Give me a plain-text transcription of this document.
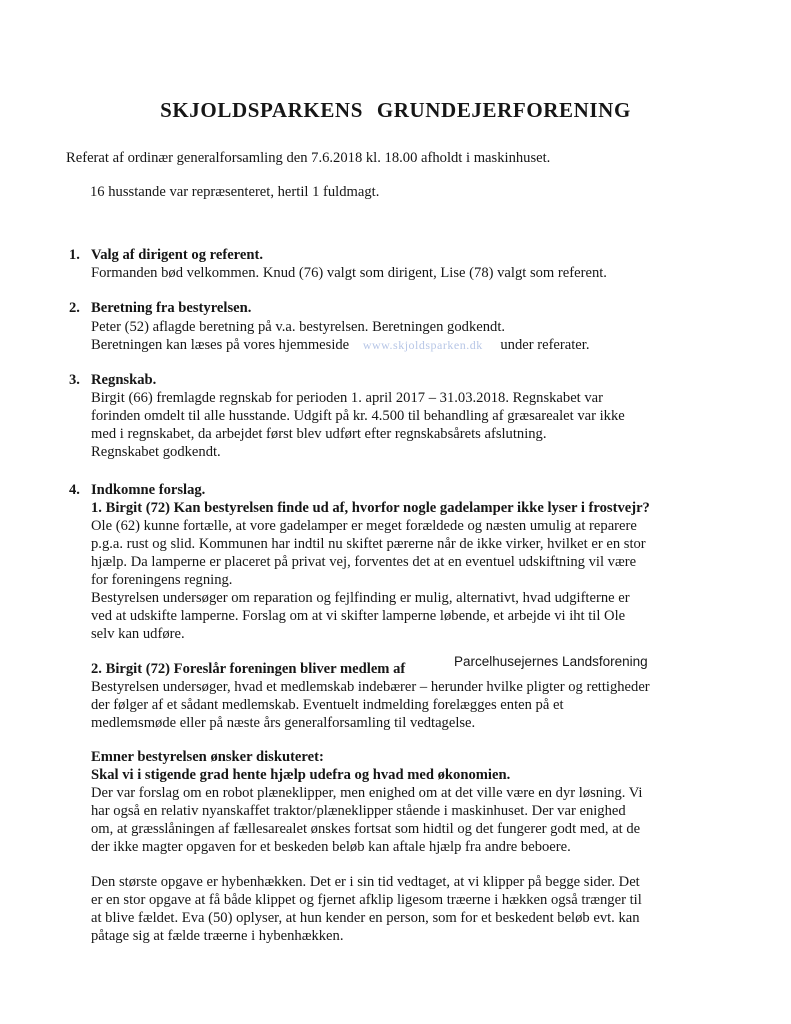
SKJOLDSPARKENS GRUNDEJERFORENING
Referat af ordinær generalforsamling den 7.6.2018 kl. 18.00 afholdt i maskinhuset.
16 husstande var repræsenteret, hertil 1 fuldmagt.
1. Valg af dirigent og referent.
Formanden bød velkommen. Knud (76) valgt som dirigent, Lise (78) valgt som referent.
2. Beretning fra bestyrelsen.
Peter (52) aflagde beretning på v.a. bestyrelsen. Beretningen godkendt.
Beretningen kan læses på vores hjemmeside www.skjoldsparken.dk under referater.
3. Regnskab.
Birgit (66) fremlagde regnskab for perioden 1. april 2017 – 31.03.2018. Regnskabet var
forinden omdelt til alle husstande. Udgift på kr. 4.500 til behandling af græsarealet var ikke
med i regnskabet, da arbejdet først blev udført efter regnskabsårets afslutning.
Regnskabet godkendt.
4. Indkomne forslag.
1. Birgit (72) Kan bestyrelsen finde ud af, hvorfor nogle gadelamper ikke lyser i frostvejr?
Ole (62) kunne fortælle, at vore gadelamper er meget forældede og næsten umulig at reparere
p.g.a. rust og slid. Kommunen har indtil nu skiftet pærerne når de ikke virker, hvilket er en stor
hjælp. Da lamperne er placeret på privat vej, forventes det at en eventuel udskiftning vil være
for foreningens regning.
Bestyrelsen undersøger om reparation og fejlfinding er mulig, alternativt, hvad udgifterne er
ved at udskifte lamperne. Forslag om at vi skifter lamperne løbende, et arbejde vi iht til Ole
selv kan udføre.
2. Birgit (72) Foreslår foreningen bliver medlem af	Parcelhusejernes Landsforening
Bestyrelsen undersøger, hvad et medlemskab indebærer – herunder hvilke pligter og rettigheder
der følger af et sådant medlemskab. Eventuelt indmelding forelægges enten på et
medlemsmøde eller på næste års generalforsamling til vedtagelse.
Emner bestyrelsen ønsker diskuteret:
Skal vi i stigende grad hente hjælp udefra og hvad med økonomien.
Der var forslag om en robot plæneklipper, men enighed om at det ville være en dyr løsning. Vi
har også en relativ nyanskaffet traktor/plæneklipper stående i maskinhuset. Der var enighed
om, at græsslåningen af fællesarealet ønskes fortsat som hidtil og det fungerer godt med, at de
der ikke magter opgaven for et beskeden beløb kan aftale hjælp fra andre beboere.
Den største opgave er hybenhækken. Det er i sin tid vedtaget, at vi klipper på begge sider. Det
er en stor opgave at få både klippet og fjernet afklip ligesom træerne i hækken også trænger til
at blive fældet. Eva (50) oplyser, at hun kender en person, som for et beskedent beløb evt. kan
påtage sig at fælde træerne i hybenhækken.
